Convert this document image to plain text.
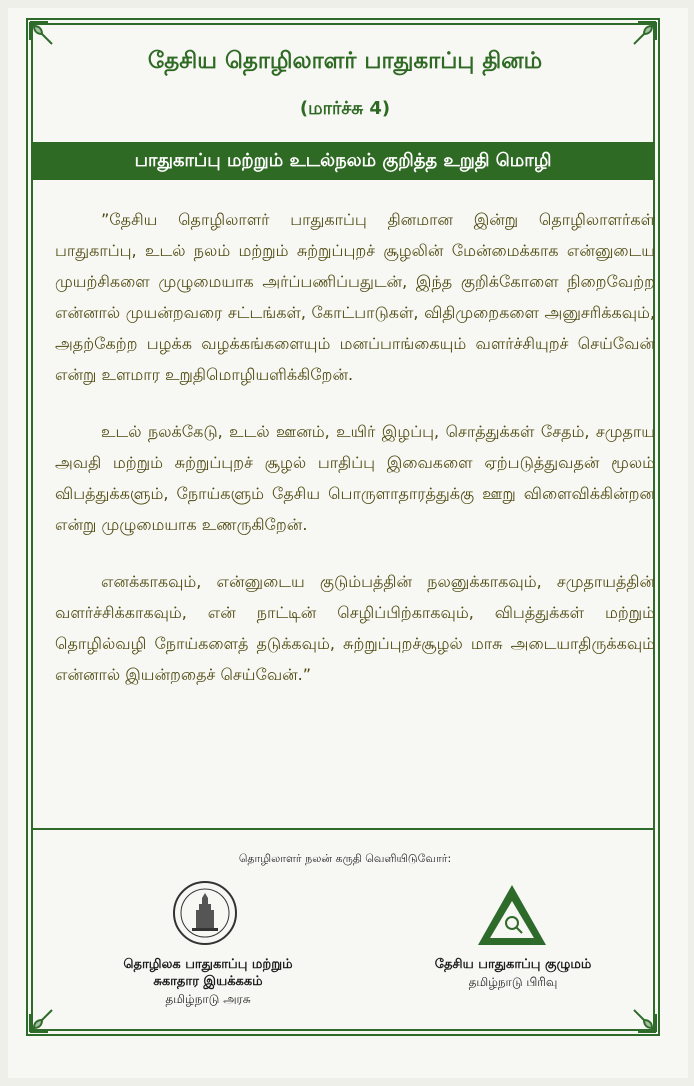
தேசிய தொழிலாளர் பாதுகாப்பு தினம்
(மார்ச்சு 4)
பாதுகாப்பு மற்றும் உடல்நலம் குறித்த உறுதி மொழி

”தேசிய தொழிலாளர் பாதுகாப்பு தினமான இன்று தொழிலாளர்கள் பாதுகாப்பு, உடல் நலம் மற்றும் சுற்றுப்புறச் சூழலின் மேன்மைக்காக என்னுடைய முயற்சிகளை முழுமையாக அர்ப்பணிப்பதுடன், இந்த குறிக்கோளை நிறைவேற்ற என்னால் முயன்றவரை சட்டங்கள், கோட்பாடுகள், விதிமுறைகளை அனுசரிக்கவும், அதற்கேற்ற பழக்க வழக்கங்களையும் மனப்பாங்கையும் வளர்ச்சியுறச் செய்வேன் என்று உளமார உறுதிமொழியளிக்கிறேன்.

உடல் நலக்கேடு, உடல் ஊனம், உயிர் இழப்பு, சொத்துக்கள் சேதம், சமுதாய அவதி மற்றும் சுற்றுப்புறச் சூழல் பாதிப்பு இவைகளை ஏற்படுத்துவதன் மூலம் விபத்துக்களும், நோய்களும் தேசிய பொருளாதாரத்துக்கு ஊறு விளைவிக்கின்றன என்று முழுமையாக உணருகிறேன்.

எனக்காகவும், என்னுடைய குடும்பத்தின் நலனுக்காகவும், சமுதாயத்தின் வளர்ச்சிக்காகவும், என் நாட்டின் செழிப்பிற்காகவும், விபத்துக்கள் மற்றும் தொழில்வழி நோய்களைத் தடுக்கவும், சுற்றுப்புறச்சூழல் மாசு அடையாதிருக்கவும் என்னால் இயன்றதைச் செய்வேன்.”

தொழிலாளர் நலன் கருதி வெளியிடுவோர்:
தொழிலக பாதுகாப்பு மற்றும்
சுகாதார இயக்ககம்
தமிழ்நாடு அரசு
தேசிய பாதுகாப்பு குழுமம்
தமிழ்நாடு பிரிவு
